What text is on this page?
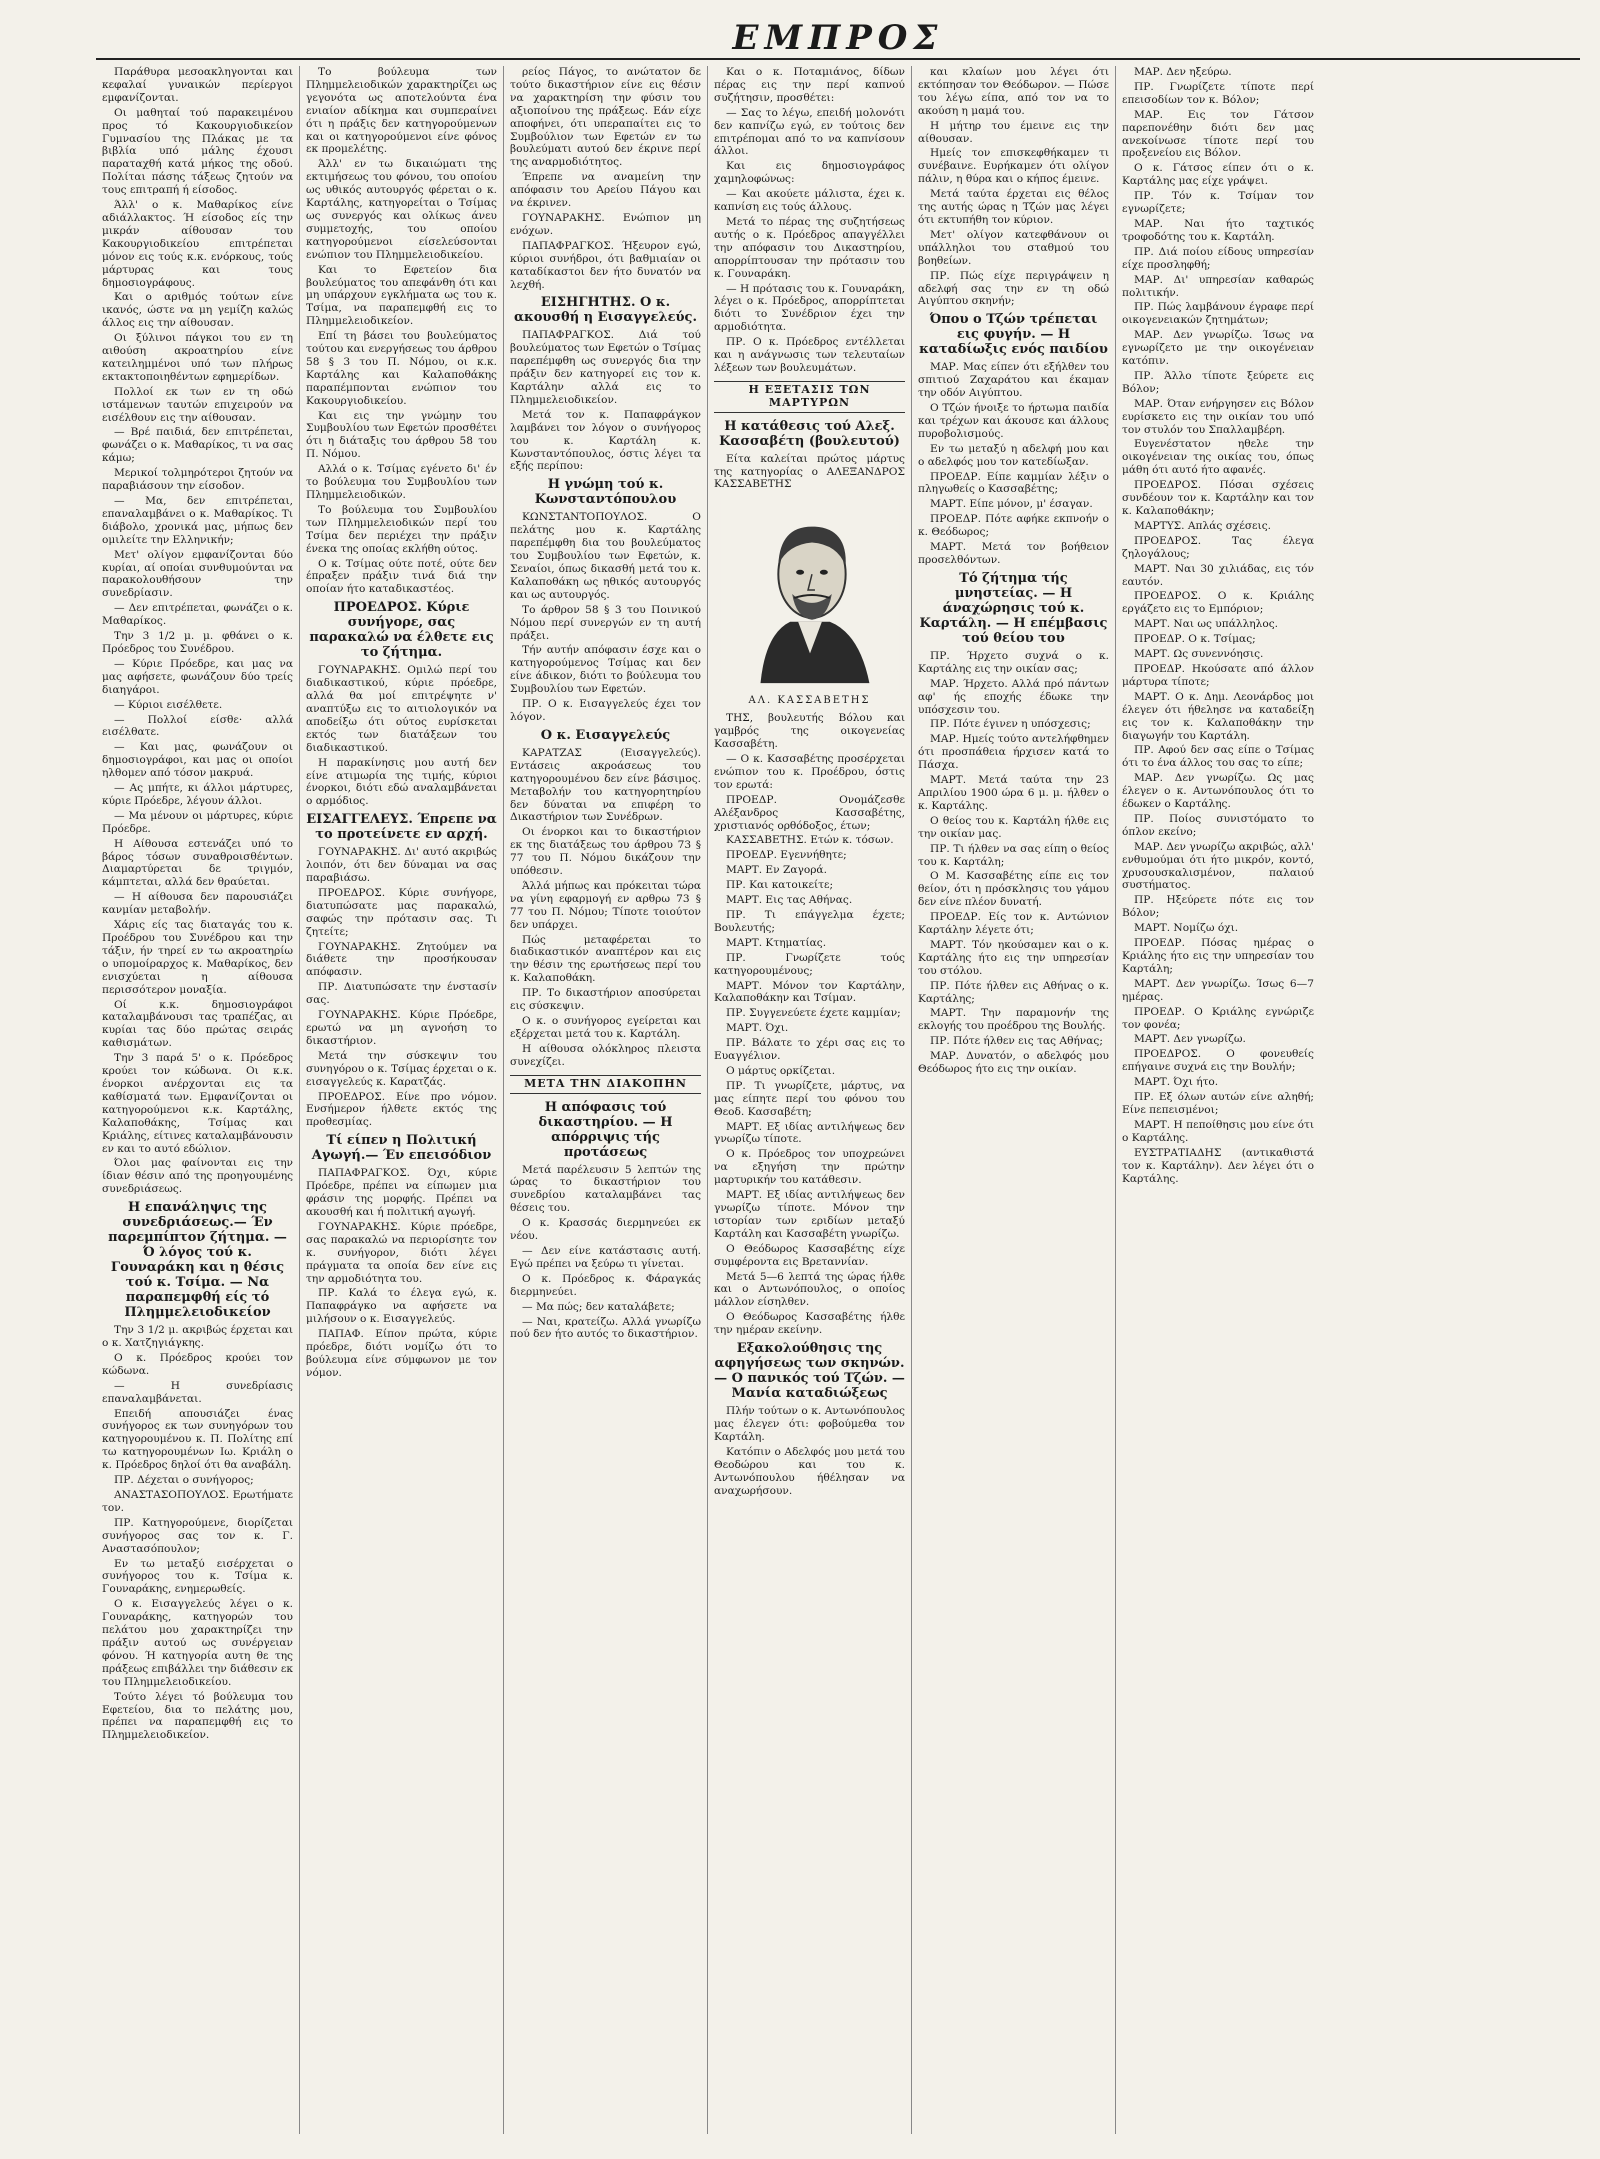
ΕΜΠΡΟΣ

Παράθυρα μεσοακληγονται και κεφαλαί γυναικών περίεργοι εμφανίζονται.

Οι μαθηταί τού παρακειμένου προς τό Κακουργιοδικείον Γυμνασίου της Πλάκας με τα βιβλία υπό μάλης έχουσι παραταχθή κατά μήκος της οδού. Πολίται πάσης τάξεως ζητούν να τους επιτραπή ή είσοδος.

Άλλ' ο κ. Μαθαρίκος είνε αδιάλλακτος. Ή είσοδος είς την μικράν αίθουσαν του Κακουργιοδικείου επιτρέπεται μόνον εις τούς κ.κ. ενόρκους, τούς μάρτυρας και τους δημοσιογράφους.

Και ο αριθμός τούτων είνε ικανός, ώστε να μη γεμίζη καλώς άλλος εις την αίθουσαν.

Οι ξύλινοι πάγκοι του εν τη αιθούση ακροατηρίου είνε κατειλημμένοι υπό των πλήρως εκτακτοποιηθέντων εφημερίδων.

Πολλοί εκ των εν τη οδώ ιστάμενων ταυτών επιχειρούν να εισέλθουν εις την αίθουσαν.

— Βρέ παιδιά, δεν επιτρέπεται, φωνάζει ο κ. Μαθαρίκος, τι να σας κάμω;

Μερικοί τολμηρότεροι ζητούν να παραβιάσουν την είσοδον.

— Μα, δεν επιτρέπεται, επαναλαμβάνει ο κ. Μαθαρίκος. Τι διάβολο, χρονικά μας, μήπως δεν ομιλείτε την Ελληνικήν;

Μετ' ολίγον εμφανίζονται δύο κυρίαι, αί οποίαι συνθυμούνται να παρακολουθήσουν την συνεδρίασιν.

— Δεν επιτρέπεται, φωνάζει ο κ. Μαθαρίκος.

Την 3 1/2 μ. μ. φθάνει ο κ. Πρόεδρος του Συνέδρου.

— Κύριε Πρόεδρε, και μας να μας αφήσετε, φωνάζουν δύο τρείς διαηγάροι.

— Κύριοι εισέλθετε.

— Πολλοί είσθε· αλλά εισέλθατε.

— Και μας, φωνάζουν οι δημοσιογράφοι, και μας οι οποίοι ηλθομεν από τόσον μακρυά.

— Ας μπήτε, κι άλλοι μάρτυρες, κύριε Πρόεδρε, λέγουν άλλοι.

— Μα μένουν οι μάρτυρες, κύριε Πρόεδρε.

Η Αίθουσα εστενάζει υπό το βάρος τόσων συναθροισθέντων. Διαμαρτύρεται δε τριγμόν, κάμπτεται, αλλά δεν θραύεται.

— Η αίθουσα δεν παρουσιάζει κανμίαν μεταβολήν.

Χάρις είς τας διαταγάς του κ. Προέδρου του Συνέδρου και την τάξιν, ήν τηρεί εν τω ακροατηρίω ο υπομοίραρχος κ. Μαθαρίκος, δεν ενισχύεται η αίθουσα περισσότερον μοναξία.

Οί κ.κ. δημοσιογράφοι καταλαμβάνουσι τας τραπέζας, αι κυρίαι τας δύο πρώτας σειράς καθισμάτων.

Την 3 παρά 5' ο κ. Πρόεδρος κρούει τον κώδωνα. Οι κ.κ. ένορκοι ανέρχονται εις τα καθίσματά των. Εμφανίζονται οι κατηγορούμενοι κ.κ. Καρτάλης, Καλαποθάκης, Τσίμας και Κριάλης, είτινες καταλαμβάνουσιν εν και το αυτό εδώλιον.

Όλοι μας φαίνονται εις την ίδιαν θέσιν από της προηγουμένης συνεδριάσεως.

Η επανάληψις της συνεδριάσεως.— Έν παρεμπίπτον ζήτημα. — Ό λόγος τού κ. Γουναράκη και η θέσις τού κ. Τσίμα. — Να παραπεμφθή είς τό Πλημμελειοδικείον

Την 3 1/2 μ. ακριβώς έρχεται και ο κ. Χατζηγιάγκης.

Ο κ. Πρόεδρος κρούει τον κώδωνα.

— Η συνεδρίασις επαναλαμβάνεται.

Επειδή απουσιάζει ένας συνήγορος εκ των συνηγόρων του κατηγορουμένου κ. Π. Πολίτης επί τω κατηγορουμένων Ιω. Κριάλη ο κ. Πρόεδρος δηλοί ότι θα αναβάλη.

ΠΡ. Δέχεται ο συνήγορος;

ΑΝΑΣΤΑΣΟΠΟΥΛΟΣ. Ερωτήματε τον.

ΠΡ. Κατηγορούμενε, διορίζεται συνήγορος σας τον κ. Γ. Αναστασόπουλον;

Εν τω μεταξύ εισέρχεται ο συνήγορος του κ. Τσίμα κ. Γουναράκης, ενημερωθείς.

Ο κ. Εισαγγελεύς λέγει ο κ. Γουναράκης, κατηγορών του πελάτου μου χαρακτηρίζει την πράξιν αυτού ως συνέργειαν φόνου. Ή κατηγορία αυτη θε της πράξεως επιβάλλει την διάθεσιν εκ του Πλημμελειοδικείου.

Τούτο λέγει τό βούλευμα του Εφετείου, δια το πελάτης μου, πρέπει να παραπεμφθή εις το Πλημμελειοδικείον.

Το βούλευμα των Πλημμελειοδικών χαρακτηρίζει ως γεγονότα ως αποτελούντα ένα ενιαίον αδίκημα και συμπεραίνει ότι η πράξις δεν κατηγορούμενων και οι κατηγορούμενοι είνε φόνος εκ προμελέτης.

Άλλ' εν τω δικαιώματι της εκτιμήσεως του φόνου, του οποίου ως υθικός αυτουργός φέρεται ο κ. Καρτάλης, κατηγορείται ο Τσίμας ως συνεργός και ολίκως άνευ συμμετοχής, του οποίου κατηγορούμενοι είσελεύσονται ενώπιον του Πλημμελειοδικείου.

Και το Εφετείον δια βουλεύματος του απεφάνθη ότι και μη υπάρχουν εγκλήματα ως του κ. Τσίμα, να παραπεμφθή εις το Πλημμελειοδικείον.

Επί τη βάσει του βουλεύματος τούτου και ενεργήσεως του άρθρου 58 § 3 του Π. Νόμου, οι κ.κ. Καρτάλης και Καλαποθάκης παραπέμπονται ενώπιον του Κακουργιοδικείου.

Και εις την γνώμην του Συμβουλίου των Εφετών προσθέτει ότι η διάταξις του άρθρου 58 του Π. Νόμου.

Αλλά ο κ. Τσίμας εγένετο δι' έν το βούλευμα του Συμβουλίου των Πλημμελειοδικών.

Το βούλευμα του Συμβουλίου των Πλημμελειοδικών περί του Τσίμα δεν περιέχει την πράξιν ένεκα της οποίας εκλήθη ούτος.

Ο κ. Τσίμας ούτε ποτέ, ούτε δεν έπραξεν πράξιν τινά διά την οποίαν ήτο καταδικαστέος.

ΠΡΟΕΔΡΟΣ. Κύριε συνήγορε, σας παρακαλώ να έλθετε εις το ζήτημα.

ΓΟΥΝΑΡΑΚΗΣ. Ομιλώ περί του διαδικαστικού, κύριε πρόεδρε, αλλά θα μοί επιτρέψητε ν' αναπτύξω εις το αιτιολογικόν να αποδείξω ότι ούτος ευρίσκεται εκτός των διατάξεων του διαδικαστικού.

Η παρακίνησις μου αυτή δεν είνε ατιμωρία της τιμής, κύριοι ένορκοι, διότι εδώ αναλαμβάνεται ο αρμόδιος.

ΕΙΣΑΓΓΕΛΕΥΣ. Έπρεπε να το προτείνετε εν αρχή.

ΓΟΥΝΑΡΑΚΗΣ. Δι' αυτό ακριβώς λοιπόν, ότι δεν δύναμαι να σας παραβιάσω.

ΠΡΟΕΔΡΟΣ. Κύριε συνήγορε, διατυπώσατε μας παρακαλώ, σαφώς την πρότασιν σας. Τι ζητείτε;

ΓΟΥΝΑΡΑΚΗΣ. Ζητούμεν να διάθετε την προσήκουσαν απόφασιν.

ΠΡ. Διατυπώσατε την ένστασίν σας.

ΓΟΥΝΑΡΑΚΗΣ. Κύριε Πρόεδρε, ερωτώ να μη αγνοήση το δικαστήριον.

Μετά την σύσκεψιν του συνηγόρου ο κ. Τσίμας έρχεται ο κ. εισαγγελεύς κ. Καρατζάς.

ΠΡΟΕΔΡΟΣ. Είνε προ νόμον. Ενσήμερον ήλθετε εκτός της προθεσμίας.

Τί είπεν η Πολιτική Αγωγή.— Έν επεισόδιον

ΠΑΠΑΦΡΑΓΚΟΣ. Όχι, κύριε Πρόεδρε, πρέπει να είπωμεν μια φράσιν της μορφής. Πρέπει να ακουσθή και ή πολιτική αγωγή.

ΓΟΥΝΑΡΑΚΗΣ. Κύριε πρόεδρε, σας παρακαλώ να περιορίσητε τον κ. συνήγορον, διότι λέγει πράγματα τα οποία δεν είνε εις την αρμοδιότητα του.

ΠΡ. Καλά το έλεγα εγώ, κ. Παπαφράγκο να αφήσετε να μιλήσουν ο κ. Εισαγγελεύς.

ΠΑΠΑΦ. Είπον πρώτα, κύριε πρόεδρε, διότι νομίζω ότι το βούλευμα είνε σύμφωνον με τον νόμον.

ρείος Πάγος, το ανώτατον δε τούτο δικαστήριον είνε εις θέσιν να χαρακτηρίση την φύσιν του αξιοποίνου της πράξεως. Εάν είχε αποφήνει, ότι υπεραπαίτει εις το Συμβούλιον των Εφετών εν τω βουλεύματι αυτού δεν έκρινε περί της αναρμοδιότητος.

Έπρεπε να αναμείνη την απόφασιν του Αρείου Πάγου και να έκρινεν.

ΓΟΥΝΑΡΑΚΗΣ. Ενώπιον μη ενόχων.

ΠΑΠΑΦΡΑΓΚΟΣ. Ήξευρον εγώ, κύριοι συνήδροι, ότι βαθμιαίαν οι καταδίκαστοι δεν ήτο δυνατόν να λεχθή.

ΕΙΣΗΓΗΤΗΣ. Ο κ. ακουσθή η Εισαγγελεύς.

ΠΑΠΑΦΡΑΓΚΟΣ. Διά τού βουλεύματος των Εφετών ο Τσίμας παρεπέμφθη ως συνεργός δια την πράξιν δεν κατηγορεί εις τον κ. Καρτάλην αλλά εις το Πλημμελειοδικείον.

Μετά τον κ. Παπαφράγκον λαμβάνει τον λόγον ο συνήγορος του κ. Καρτάλη κ. Κωνσταντόπουλος, όστις λέγει τα εξής περίπου:

Η γνώμη τού κ. Κωνσταντόπουλου

ΚΩΝΣΤΑΝΤΟΠΟΥΛΟΣ. Ο πελάτης μου κ. Καρτάλης παρεπέμφθη δια του βουλεύματος του Συμβουλίου των Εφετών, κ. Σεναίοι, όπως δικασθή μετά του κ. Καλαποθάκη ως ηθικός αυτουργός και ως αυτουργός.

Το άρθρον 58 § 3 του Ποινικού Νόμου περί συνεργών εν τη αυτή πράξει.

Τήν αυτήν απόφασιν έσχε και ο κατηγορούμενος Τσίμας και δεν είνε άδικον, διότι το βούλευμα του Συμβουλίου των Εφετών.

ΠΡ. Ο κ. Εισαγγελεύς έχει τον λόγον.

Ο κ. Εισαγγελεύς

ΚΑΡΑΤΖΑΣ (Εισαγγελεύς). Εντάσεις ακροάσεως του κατηγορουμένου δεν είνε βάσιμος. Μεταβολήν του κατηγορητηρίου δεν δύναται να επιφέρη το Δικαστήριον των Συνέδρων.

Οι ένορκοι και το δικαστήριον εκ της διατάξεως του άρθρου 73 § 77 του Π. Νόμου δικάζουν την υπόθεσιν.

Άλλά μήπως και πρόκειται τώρα να γίνη εφαρμογή εν αρθρω 73 § 77 του Π. Νόμου; Τίποτε τοιούτον δεν υπάρχει.

Πώς μεταφέρεται το διαδικαστικόν αναπτέρον και εις την θέσιν της ερωτήσεως περί του κ. Καλαποθάκη.

ΠΡ. Το δικαστήριον αποσύρεται εις σύσκεψιν.

Ο κ. ο συνήγορος εγείρεται και εξέρχεται μετά του κ. Καρτάλη.

Η αίθουσα ολόκληρος πλειστα συνεχίζει.

ΜΕΤΑ ΤΗΝ ΔΙΑΚΟΠΗΝ
Η απόφασις τού δικαστηρίου. — Η απόρριψις τής προτάσεως

Μετά παρέλευσιν 5 λεπτών της ώρας το δικαστήριον του συνεδρίου καταλαμβάνει τας θέσεις του.

Ο κ. Κρασσάς διερμηνεύει εκ νέου.

— Δεν είνε κατάστασις αυτή. Εγώ πρέπει να ξεύρω τι γίνεται.

Ο κ. Πρόεδρος κ. Φάραγκάς διερμηνεύει.

— Μα πώς; δεν καταλάβετε;

— Ναι, κρατείζω. Αλλά γνωρίζω πού δεν ήτο αυτός το δικαστήριον.

Και ο κ. Ποταμιάνος, δίδων πέρας εις την περί καπνού συζήτησιν, προσθέτει:

— Σας το λέγω, επειδή μολονότι δεν καπνίζω εγώ, εν τούτοις δεν επιτρέπομαι από το να καπνίσουν άλλοι.

Και εις δημοσιογράφος χαμηλοφώνως:

— Και ακούετε μάλιστα, έχει κ. καπνίση εις τούς άλλους.

Μετά το πέρας της συζητήσεως αυτής ο κ. Πρόεδρος απαγγέλλει την απόφασιν του Δικαστηρίου, απορρίπτουσαν την πρότασιν του κ. Γουναράκη.

— Η πρότασις του κ. Γουναράκη, λέγει ο κ. Πρόεδρος, απορρίπτεται διότι το Συνέδριον έχει την αρμοδιότητα.

ΠΡ. Ο κ. Πρόεδρος εντέλλεται και η ανάγνωσις των τελευταίων λέξεων των βουλευμάτων.

Η ΕΞΕΤΑΣΙΣ ΤΩΝ ΜΑΡΤΥΡΩΝ
Η κατάθεσις τού Αλεξ. Κασσαβέτη (βουλευτού)

Είτα καλείται πρώτος μάρτυς της κατηγορίας ο ΑΛΕΞΑΝΔΡΟΣ ΚΑΣΣΑΒΕΤΗΣ

ΑΛ. ΚΑΣΣΑΒΕΤΗΣ

ΤΗΣ, βουλευτής Βόλου και γαμβρός της οικογενείας Κασσαβέτη.

— Ο κ. Κασσαβέτης προσέρχεται ενώπιον του κ. Προέδρου, όστις τον ερωτά:

ΠΡΟΕΔΡ. Ονομάζεσθε Αλέξανδρος Κασσαβέτης, χριστιανός ορθόδοξος, έτων;

ΚΑΣΣΑΒΕΤΗΣ. Ετών κ. τόσων.

ΠΡΟΕΔΡ. Εγεννήθητε;

ΜΑΡΤ. Εν Ζαγορά.

ΠΡ. Και κατοικείτε;

ΜΑΡΤ. Εις τας Αθήνας.

ΠΡ. Τι επάγγελμα έχετε; Βουλευτής;

ΜΑΡΤ. Κτηματίας.

ΠΡ. Γνωρίζετε τούς κατηγορουμένους;

ΜΑΡΤ. Μόνον τον Καρτάλην, Καλαποθάκην και Τσίμαν.

ΠΡ. Συγγενεύετε έχετε καμμίαν;

ΜΑΡΤ. Όχι.

ΠΡ. Βάλατε το χέρι σας εις το Ευαγγέλιον.

Ο μάρτυς ορκίζεται.

ΠΡ. Τι γνωρίζετε, μάρτυς, να μας είπητε περί του φόνου του Θεοδ. Κασσαβέτη;

ΜΑΡΤ. Εξ ιδίας αντιλήψεως δεν γνωρίζω τίποτε.

Ο κ. Πρόεδρος τον υποχρεώνει να εξηγήση την πρώτην μαρτυρικήν του κατάθεσιν.

ΜΑΡΤ. Εξ ιδίας αντιλήψεως δεν γνωρίζω τίποτε. Μόνον την ιστορίαν των εριδίων μεταξύ Καρτάλη και Κασσαβέτη γνωρίζω.

Ο Θεόδωρος Κασσαβέτης είχε συμφέροντα εις Βρεταννίαν.

Μετά 5—6 λεπτά της ώρας ήλθε και ο Αντωνόπουλος, ο οποίος μάλλον είσηλθεν.

Ο Θεόδωρος Κασσαβέτης ήλθε την ημέραν εκείνην.

Εξακολούθησις της αφηγήσεως των σκηνών. — Ο πανικός τού Τζών. — Μανία καταδιώξεως

Πλήν τούτων ο κ. Αντωνόπουλος μας έλεγεν ότι: φοβούμεθα τον Καρτάλη.

Κατόπιν ο Αδελφός μου μετά του Θεοδώρου και του κ. Αντωνόπουλου ήθέλησαν να αναχωρήσουν.

και κλαίων μου λέγει ότι εκτόπησαν τον Θεόδωρον. — Πώσε του λέγω είπα, από τον να το ακούση η μαμά του.

Η μήτηρ του έμεινε εις την αίθουσαν.

Ημείς τον επισκεφθήκαμεν τι συνέβαινε. Ευρήκαμεν ότι ολίγον πάλιν, η θύρα και ο κήπος έμεινε.

Μετά ταύτα έρχεται εις θέλος της αυτής ώρας η Τζών μας λέγει ότι εκτυπήθη τον κύριον.

Μετ' ολίγον κατεφθάνουν οι υπάλληλοι του σταθμού του βοηθείων.

ΠΡ. Πώς είχε περιγράψειν η αδελφή σας την εν τη οδώ Αιγύπτου σκηνήν;

Όπου ο Τζών τρέπεται εις φυγήν. — Η καταδίωξις ενός παιδίου

ΜΑΡ. Μας είπεν ότι εξήλθεν του σπιτιού Ζαχαράτου και έκαμαν την οδόν Αιγύπτου.

Ο Τζών ήνοιξε το ήρτωμα παιδία και τρέχων και άκουσε και άλλους πυροβολισμούς.

Εν τω μεταξύ η αδελφή μου και ο αδελφός μου τον κατεδίωξαν.

ΠΡΟΕΔΡ. Είπε καμμίαν λέξιν ο πληγωθείς ο Κασσαβέτης;

ΜΑΡΤ. Είπε μόνον, μ' έσαγαν.

ΠΡΟΕΔΡ. Πότε αφήκε εκπνοήν ο κ. Θεόδωρος;

ΜΑΡΤ. Μετά τον βοήθειον προσελθόντων.

Τό ζήτημα τής μνηστείας. — Η άναχώρησις τού κ. Καρτάλη. — Η επέμβασις τού θείου του

ΠΡ. Ήρχετο συχνά ο κ. Καρτάλης εις την οικίαν σας;

ΜΑΡ. Ήρχετο. Αλλά πρό πάντων αφ' ής εποχής έδωκε την υπόσχεσιν του.

ΠΡ. Πότε έγινεν η υπόσχεσις;

ΜΑΡ. Ημείς τούτο αντελήφθημεν ότι προσπάθεια ήρχισεν κατά το Πάσχα.

ΜΑΡΤ. Μετά ταύτα την 23 Απριλίου 1900 ώρα 6 μ. μ. ήλθεν ο κ. Καρτάλης.

Ο θείος του κ. Καρτάλη ήλθε εις την οικίαν μας.

ΠΡ. Τι ήλθεν να σας είπη ο θείος του κ. Καρτάλη;

Ο Μ. Κασσαβέτης είπε εις τον θείον, ότι η πρόσκλησις του γάμου δεν είνε πλέον δυνατή.

ΠΡΟΕΔΡ. Είς τον κ. Αντώνιον Καρτάλην λέγετε ότι;

ΜΑΡΤ. Τόν ηκούσαμεν και ο κ. Καρτάλης ήτο εις την υπηρεσίαν του στόλου.

ΠΡ. Πότε ήλθεν εις Αθήνας ο κ. Καρτάλης;

ΜΑΡΤ. Την παραμονήν της εκλογής του προέδρου της Βουλής.

ΠΡ. Πότε ήλθεν εις τας Αθήνας;

ΜΑΡ. Δυνατόν, ο αδελφός μου Θεόδωρος ήτο εις την οικίαν.

ΜΑΡ. Δεν ηξεύρω.

ΠΡ. Γνωρίζετε τίποτε περί επεισοδίων τον κ. Βόλον;

ΜΑΡ. Εις τον Γάτσον παρεπονέθην διότι δεν μας ανεκοίνωσε τίποτε περί του προξενείου εις Βόλον.

Ο κ. Γάτσος είπεν ότι ο κ. Καρτάλης μας είχε γράψει.

ΠΡ. Τόν κ. Τσίμαν τον εγνωρίζετε;

ΜΑΡ. Ναι ήτο ταχτικός τροφοδότης του κ. Καρτάλη.

ΠΡ. Διά ποίου είδους υπηρεσίαν είχε προσληφθή;

ΜΑΡ. Δι' υπηρεσίαν καθαρώς πολιτικήν.

ΠΡ. Πώς λαμβάνουν έγραφε περί οικογενειακών ζητημάτων;

ΜΑΡ. Δεν γνωρίζω. Ίσως να εγνωρίζετο με την οικογένειαν κατόπιν.

ΠΡ. Άλλο τίποτε ξεύρετε εις Βόλον;

ΜΑΡ. Όταν ενήργησεν εις Βόλον ευρίσκετο εις την οικίαν του υπό τον στυλόν του Σπαλλαμβέρη.

Ευγενέστατον ηθελε την οικογένειαν της οικίας του, όπως μάθη ότι αυτό ήτο αφανές.

ΠΡΟΕΔΡΟΣ. Πόσαι σχέσεις συνδέουν τον κ. Καρτάλην και τον κ. Καλαποθάκην;

ΜΑΡΤΥΣ. Απλάς σχέσεις.

ΠΡΟΕΔΡΟΣ. Τας έλεγα ζηλογάλους;

ΜΑΡΤ. Ναι 30 χιλιάδας, εις τόν εαυτόν.

ΠΡΟΕΔΡΟΣ. Ο κ. Κριάλης εργάζετο εις το Εμπόριον;

ΜΑΡΤ. Ναι ως υπάλληλος.

ΠΡΟΕΔΡ. Ο κ. Τσίμας;

ΜΑΡΤ. Ως συνεννόησις.

ΠΡΟΕΔΡ. Ηκούσατε από άλλον μάρτυρα τίποτε;

ΜΑΡΤ. Ο κ. Δημ. Λεονάρδος μοι έλεγεν ότι ήθελησε να καταδείξη εις τον κ. Καλαποθάκην την διαγωγήν του Καρτάλη.

ΠΡ. Αφού δεν σας είπε ο Τσίμας ότι το ένα άλλος του σας το είπε;

ΜΑΡ. Δεν γνωρίζω. Ως μας έλεγεν ο κ. Αντωνόπουλος ότι το έδωκεν ο Καρτάλης.

ΠΡ. Ποίος συνιστόματο το όπλον εκείνο;

ΜΑΡ. Δεν γνωρίζω ακριβώς, αλλ' ενθυμούμαι ότι ήτο μικρόν, κοντό, χρυσουσκαλισμένον, παλαιού συστήματος.

ΠΡ. Ηξεύρετε πότε εις τον Βόλον;

ΜΑΡΤ. Νομίζω όχι.

ΠΡΟΕΔΡ. Πόσας ημέρας ο Κριάλης ήτο εις την υπηρεσίαν του Καρτάλη;

ΜΑΡΤ. Δεν γνωρίζω. Ίσως 6—7 ημέρας.

ΠΡΟΕΔΡ. Ο Κριάλης εγνώριζε τον φονέα;

ΜΑΡΤ. Δεν γνωρίζω.

ΠΡΟΕΔΡΟΣ. Ο φονευθείς επήγαινε συχνά εις την Βουλήν;

ΜΑΡΤ. Όχι ήτο.

ΠΡ. Εξ όλων αυτών είνε αληθή; Είνε πεπεισμένοι;

ΜΑΡΤ. Η πεποίθησις μου είνε ότι ο Καρτάλης.

ΕΥΣΤΡΑΤΙΑΔΗΣ (αντικαθιστά τον κ. Καρτάλην). Δεν λέγει ότι ο Καρτάλης.
